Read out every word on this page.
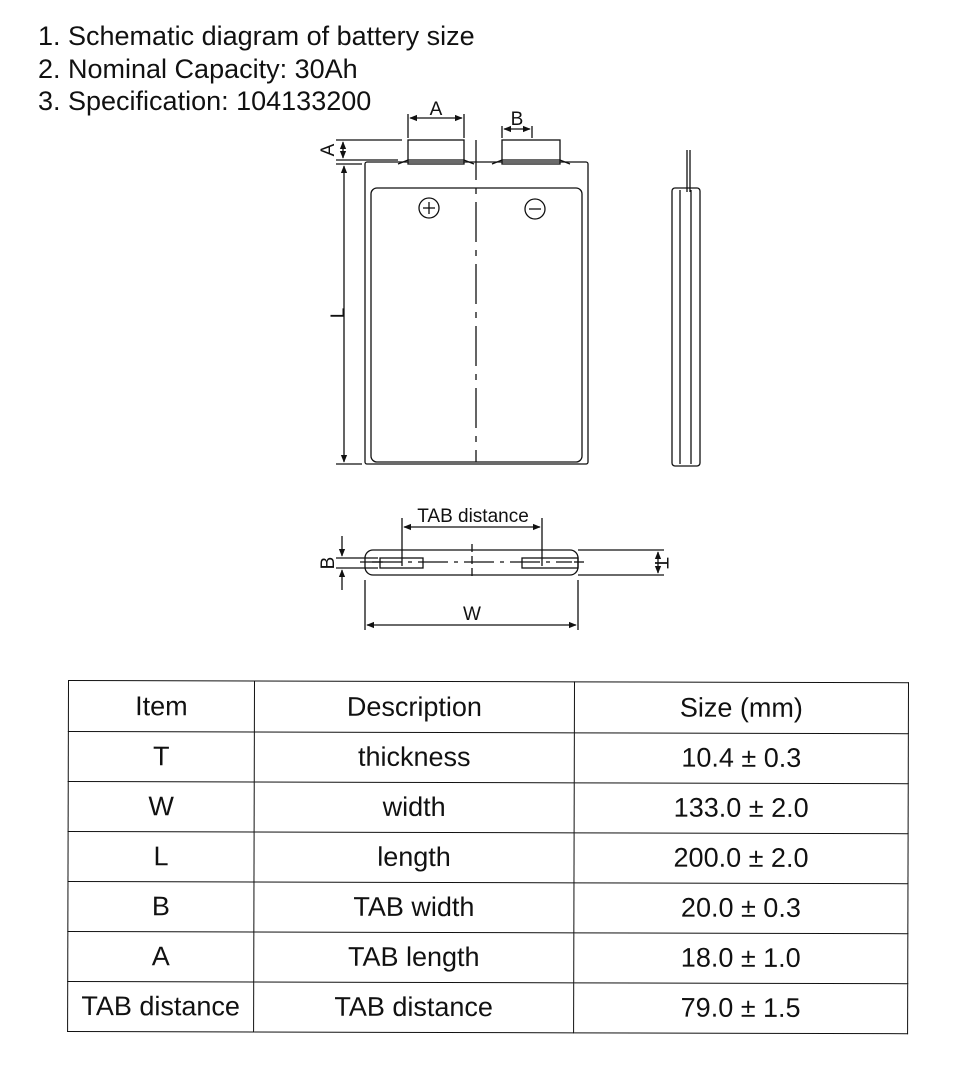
1. Schematic diagram of battery size
2. Nominal Capacity: 30Ah
3. Specification: 104133200	A	B
A
L
TAB distance
B	T
W
Item	Description	Size (mm)
T	thickness	10.4 ± 0.3
W	width	133.0 ± 2.0
L	length	200.0 ± 2.0
B	TAB width	20.0 ± 0.3
A	TAB length	18.0 ± 1.0
TAB distance	TAB distance	79.0 ± 1.5
